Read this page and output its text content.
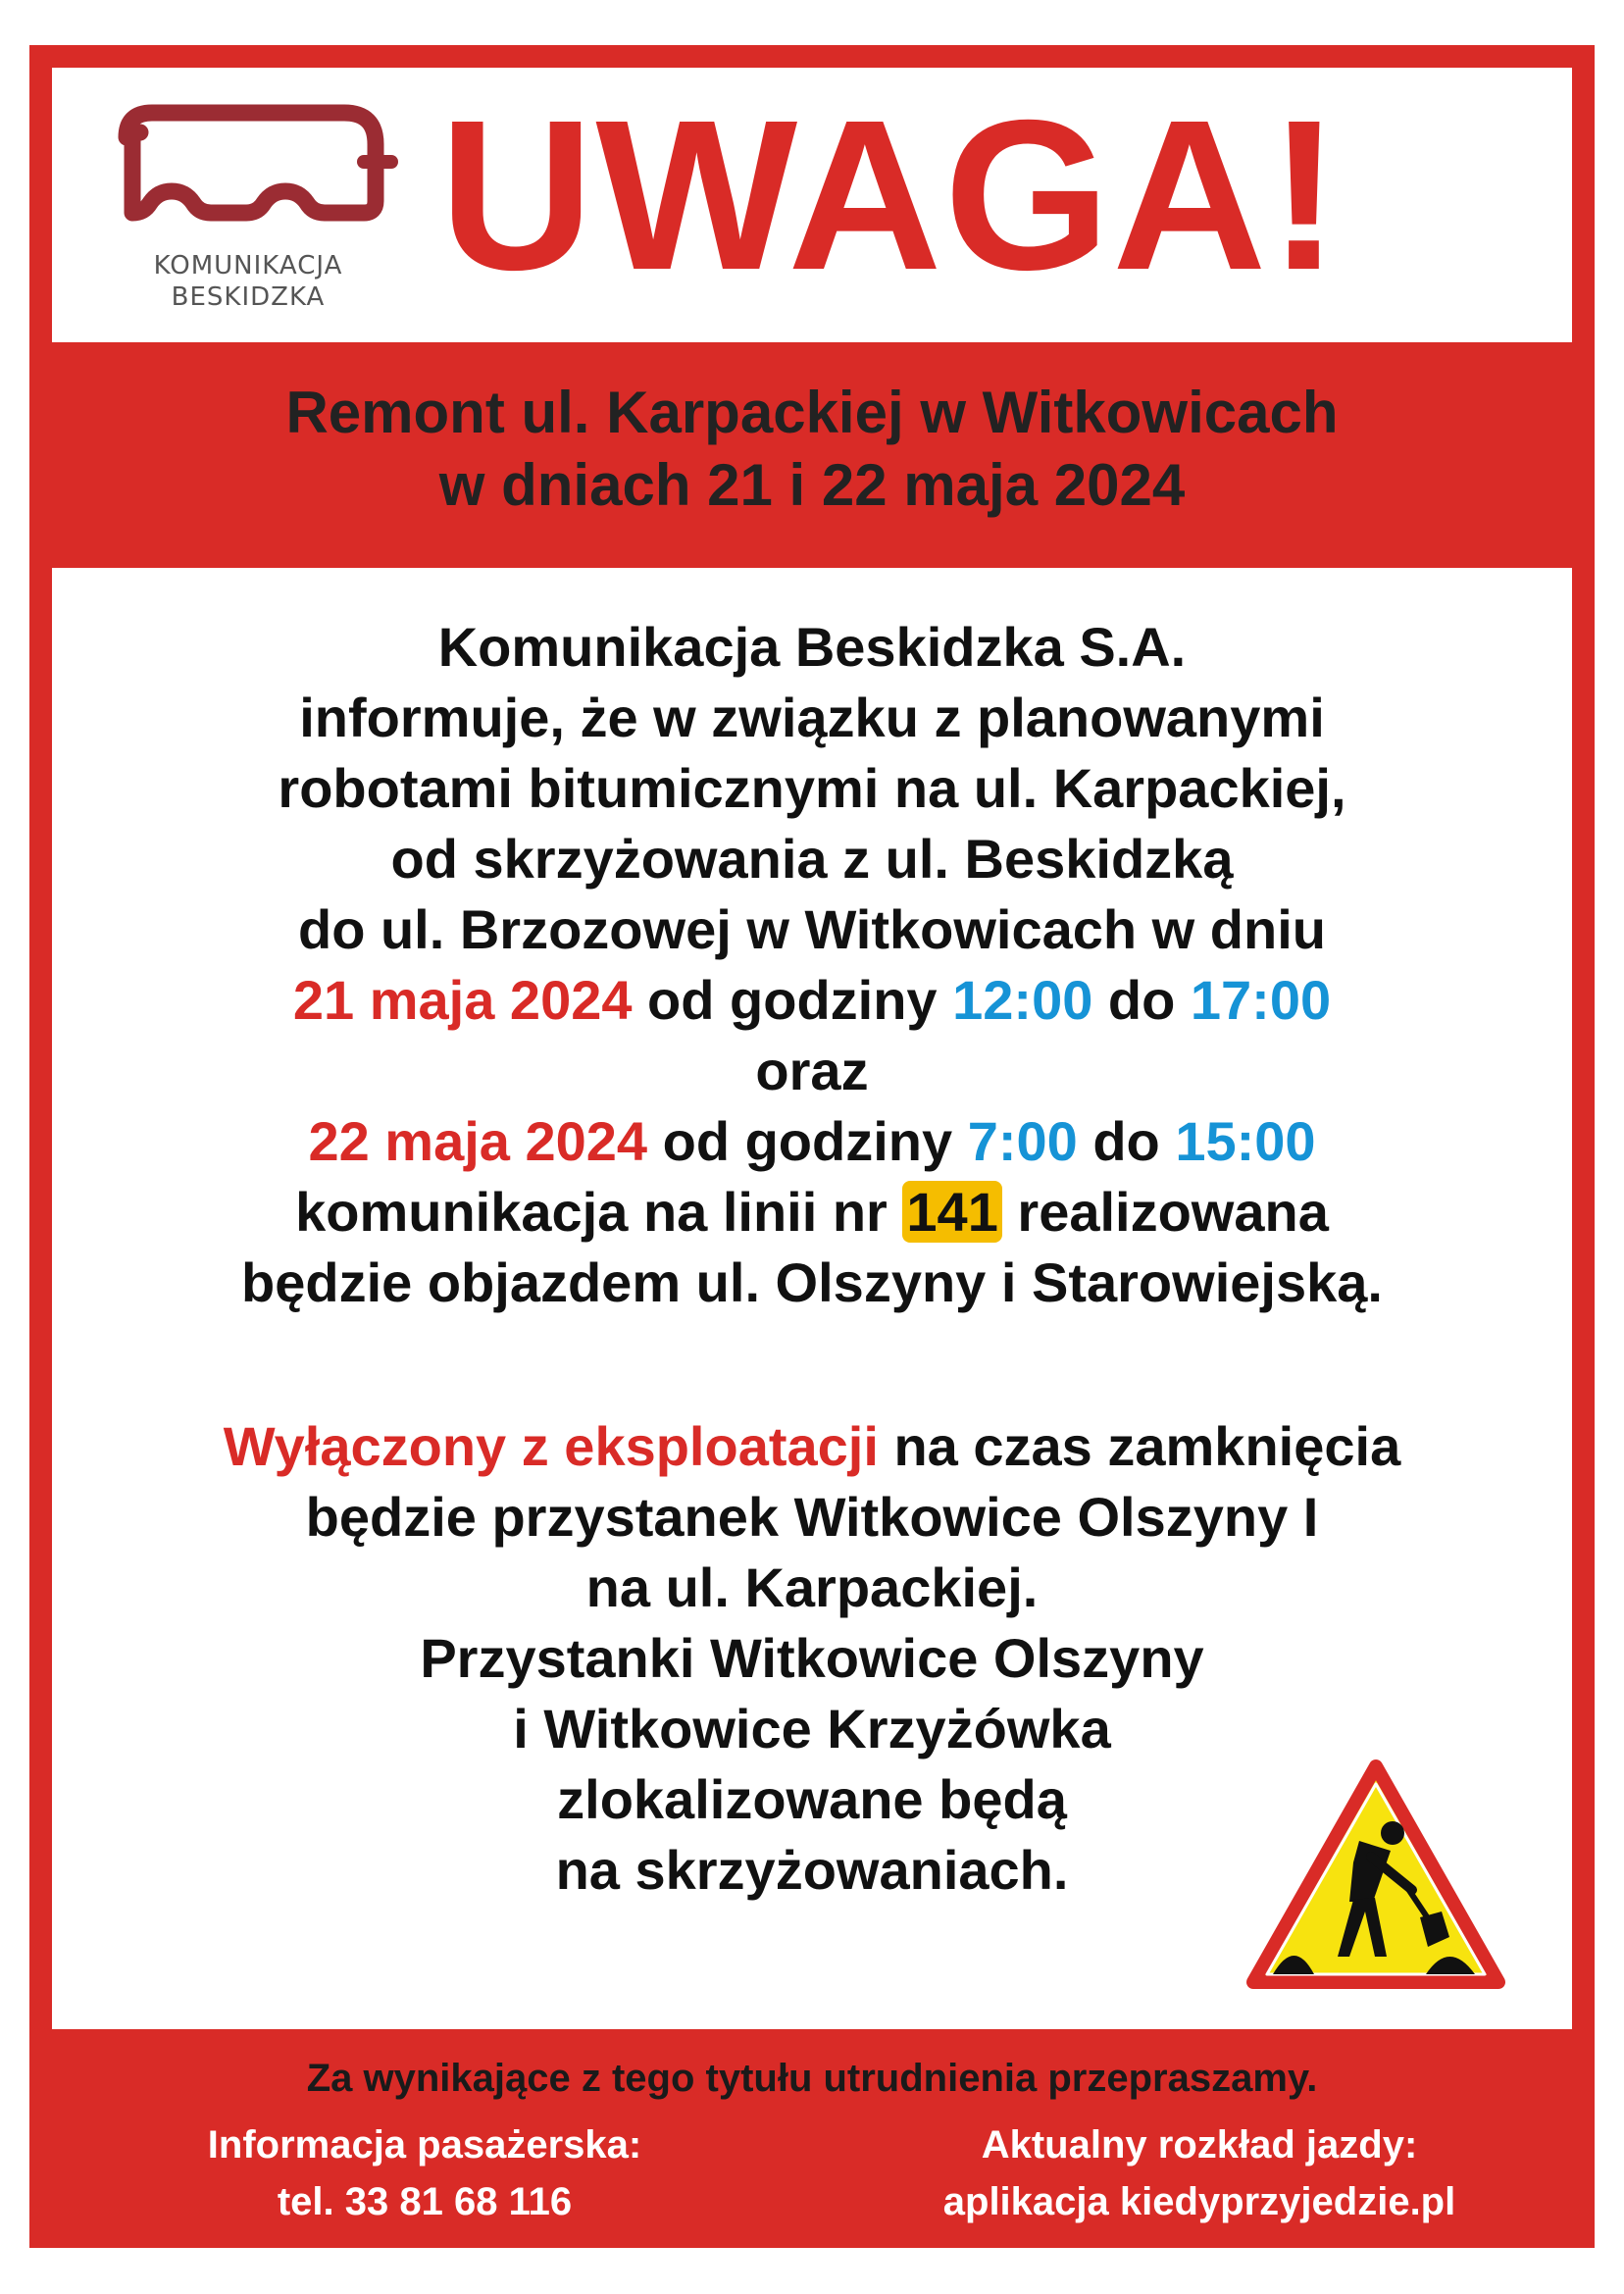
KOMUNIKACJA
BESKIDZKA UWAGA!
Remont ul. Karpackiej w Witkowicach
w dniach 21 i 22 maja 2024
Komunikacja Beskidzka S.A.
informuje, że w związku z planowanymi
robotami bitumicznymi na ul. Karpackiej,
od skrzyżowania z ul. Beskidzką
do ul. Brzozowej w Witkowicach w dniu
21 maja 2024 od godziny 12:00 do 17:00
oraz
22 maja 2024 od godziny 7:00 do 15:00
komunikacja na linii nr 141 realizowana
będzie objazdem ul. Olszyny i Starowiejską.
Wyłączony z eksploatacji na czas zamknięcia
będzie przystanek Witkowice Olszyny I
na ul. Karpackiej.
Przystanki Witkowice Olszyny
i Witkowice Krzyżówka
zlokalizowane będą
na skrzyżowaniach.
Za wynikające z tego tytułu utrudnienia przepraszamy.
Informacja pasażerska:
tel. 33 81 68 116
Aktualny rozkład jazdy:
aplikacja kiedyprzyjedzie.pl
